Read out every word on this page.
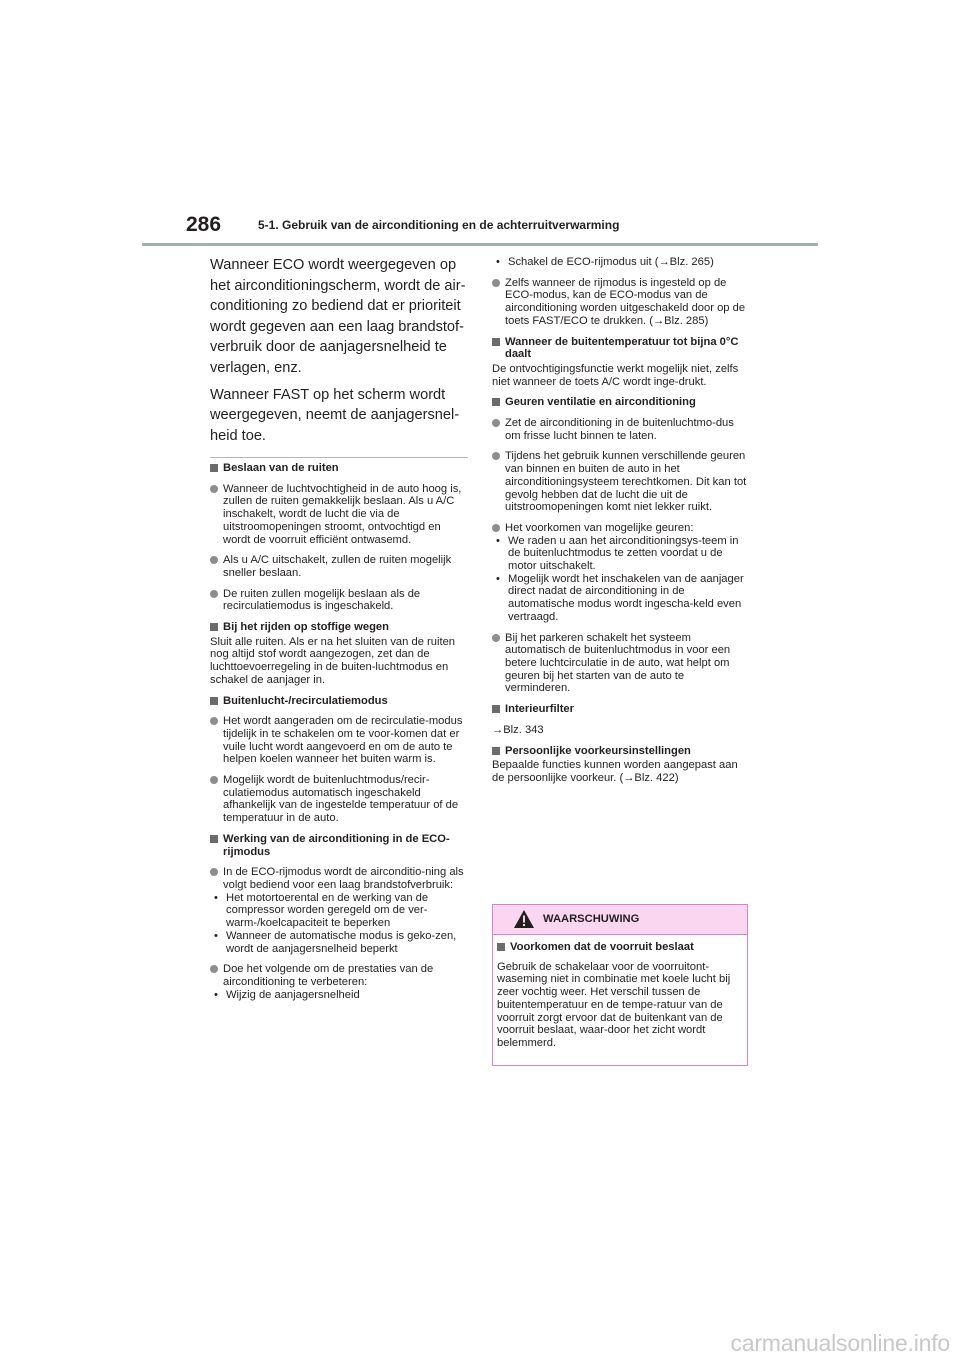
286	5-1. Gebruik van de airconditioning en de achterruitverwarming

Wanneer ECO wordt weergegeven op het airconditioningscherm, wordt de air-conditioning zo bediend dat er prioriteit wordt gegeven aan een laag brandstof-verbruik door de aanjagersnelheid te verlagen, enz.

Wanneer FAST op het scherm wordt weergegeven, neemt de aanjagersnel-heid toe.

Beslaan van de ruiten
Wanneer de luchtvochtigheid in de auto hoog is, zullen de ruiten gemakkelijk beslaan. Als u A/C inschakelt, wordt de lucht die via de uitstroomopeningen stroomt, ontvochtigd en wordt de voorruit efficiënt ontwasemd.
Als u A/C uitschakelt, zullen de ruiten mogelijk sneller beslaan.
De ruiten zullen mogelijk beslaan als de recirculatiemodus is ingeschakeld.
Bij het rijden op stoffige wegen
Sluit alle ruiten. Als er na het sluiten van de ruiten nog altijd stof wordt aangezogen, zet dan de luchttoevoerregeling in de buiten-luchtmodus en schakel de aanjager in.
Buitenlucht-/recirculatiemodus
Het wordt aangeraden om de recirculatie-modus tijdelijk in te schakelen om te voor-komen dat er vuile lucht wordt aangevoerd en om de auto te helpen koelen wanneer het buiten warm is.
Mogelijk wordt de buitenluchtmodus/recir-culatiemodus automatisch ingeschakeld afhankelijk van de ingestelde temperatuur of de temperatuur in de auto.
Werking van de airconditioning in de ECO-rijmodus
In de ECO-rijmodus wordt de airconditio-ning als volgt bediend voor een laag brandstofverbruik:
• Het motortoerental en de werking van de compressor worden geregeld om de ver-warm-/koelcapaciteit te beperken
• Wanneer de automatische modus is geko-zen, wordt de aanjagersnelheid beperkt
Doe het volgende om de prestaties van de airconditioning te verbeteren:
• Wijzig de aanjagersnelheid
• Schakel de ECO-rijmodus uit (→Blz. 265)
Zelfs wanneer de rijmodus is ingesteld op de ECO-modus, kan de ECO-modus van de airconditioning worden uitgeschakeld door op de toets FAST/ECO te drukken. (→Blz. 285)
Wanneer de buitentemperatuur tot bijna 0°C daalt
De ontvochtigingsfunctie werkt mogelijk niet, zelfs niet wanneer de toets A/C wordt inge-drukt.
Geuren ventilatie en airconditioning
Zet de airconditioning in de buitenluchtmo-dus om frisse lucht binnen te laten.
Tijdens het gebruik kunnen verschillende geuren van binnen en buiten de auto in het airconditioningsysteem terechtkomen. Dit kan tot gevolg hebben dat de lucht die uit de uitstroomopeningen komt niet lekker ruikt.
Het voorkomen van mogelijke geuren:
• We raden u aan het airconditioningsys-teem in de buitenluchtmodus te zetten voordat u de motor uitschakelt.
• Mogelijk wordt het inschakelen van de aanjager direct nadat de airconditioning in de automatische modus wordt ingescha-keld even vertraagd.
Bij het parkeren schakelt het systeem automatisch de buitenluchtmodus in voor een betere luchtcirculatie in de auto, wat helpt om geuren bij het starten van de auto te verminderen.
Interieurfilter
→Blz. 343
Persoonlijke voorkeursinstellingen
Bepaalde functies kunnen worden aangepast aan de persoonlijke voorkeur. (→Blz. 422)
WAARSCHUWING
Voorkomen dat de voorruit beslaat
Gebruik de schakelaar voor de voorruitont-waseming niet in combinatie met koele lucht bij zeer vochtig weer. Het verschil tussen de buitentemperatuur en de tempe-ratuur van de voorruit zorgt ervoor dat de buitenkant van de voorruit beslaat, waar-door het zicht wordt belemmerd.
carmanualsonline.info
